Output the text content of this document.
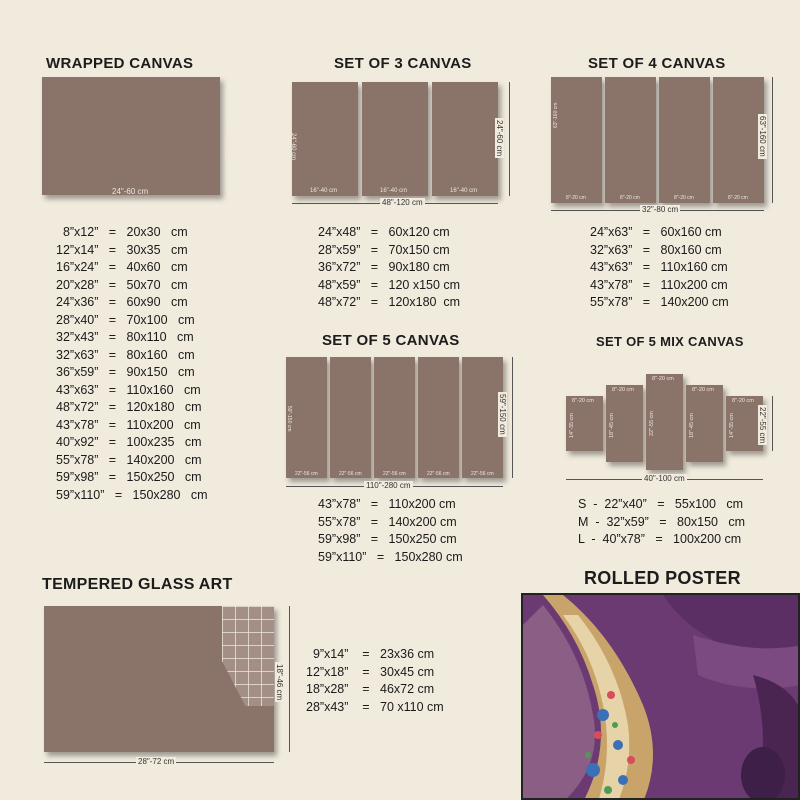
WRAPPED CANVAS
24"-60 cm
36"-90 cm
8”x12”   =   20x30   cm
12”x14”   =   30x35   cm
16”x24”   =   40x60   cm
20”x28”   =   50x70   cm
24”x36”   =   60x90   cm
28”x40”   =   70x100   cm
32”x43”   =   80x110   cm
32”x63”   =   80x160   cm
36”x59”   =   90x150   cm
43”x63”   =   110x160   cm
48”x72”   =   120x180   cm
43”x78”   =   110x200   cm
40”x92”   =   100x235   cm
55”x78”   =   140x200   cm
59”x98”   =   150x250   cm
59”x110”   =   150x280   cm
SET OF 3 CANVAS
16"-40 cm	16"-40 cm	16"-40 cm
24"-60 cm
48"-120 cm
24"-60 cm
24”x48”   =   60x120 cm
28”x59”   =   70x150 cm
36”x72”   =   90x180 cm
48”x59”   =   120 x150 cm
48”x72”   =   120x180  cm
SET OF 4 CANVAS
8"-20 cm	8"-20 cm	8"-20 cm	8"-20 cm
63"-160 cm
32"-80 cm
63"-160 cm
24”x63”   =   60x160 cm
32”x63”   =   80x160 cm
43”x63”   =   110x160 cm
43”x78”   =   110x200 cm
55”x78”   =   140x200 cm
SET OF 5 CANVAS
22"-56 cm	22"-56 cm	22"-56 cm	22"-56 cm	22"-56 cm
59"-150 cm
110"-280 cm
59"-150 cm
43”x78”   =   110x200 cm
55”x78”   =   140x200 cm
59”x98”   =   150x250 cm
59”x110”   =   150x280 cm
SET OF 5 MIX CANVAS
8"-20 cm
14"-35 cm
8"-20 cm
18"-45 cm
8"-20 cm
22"-55 cm
8"-20 cm
18"-45 cm
8"-20 cm
14"-35 cm
40"-100 cm
22"-55 cm
S  -  22”x40”   =   55x100   cm
M  -  32”x59”   =   80x150   cm
L  -  40”x78”   =   100x200 cm
TEMPERED GLASS ART
28"-72 cm
18"-46 cm
9”x14”    =   23x36 cm
12”x18”    =   30x45 cm
18”x28”    =   46x72 cm
28”x43”    =   70 x110 cm
ROLLED POSTER
